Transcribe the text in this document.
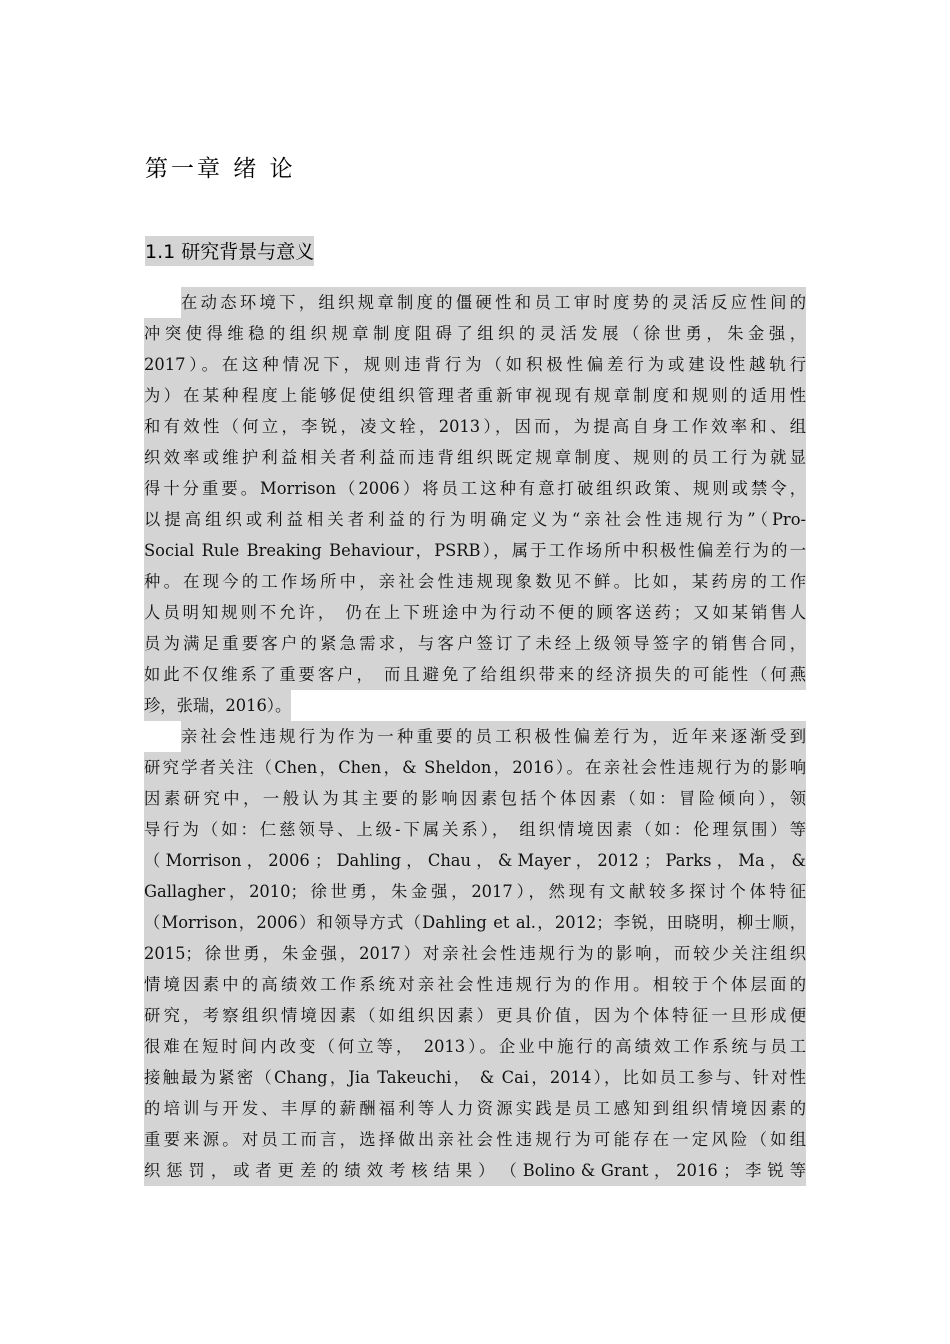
第一章 绪 论
1.1 研究背景与意义
在动态环境下，组织规章制度的僵硬性和员工审时度势的灵活反应性间的
冲突使得维稳的组织规章制度阻碍了组织的灵活发展（徐世勇，朱金强，
2017）。在这种情况下，规则违背行为（如积极性偏差行为或建设性越轨行
为）在某种程度上能够促使组织管理者重新审视现有规章制度和规则的适用性
和有效性（何立，李锐，凌文辁，2013），因而，为提高自身工作效率和、组
织效率或维护利益相关者利益而违背组织既定规章制度、规则的员工行为就显
得十分重要。Morrison（2006）将员工这种有意打破组织政策、规则或禁令，
以提高组织或利益相关者利益的行为明确定义为“亲社会性违规行为”（Pro-
Social Rule Breaking Behaviour，PSRB），属于工作场所中积极性偏差行为的一
种。在现今的工作场所中，亲社会性违规现象数见不鲜。比如，某药房的工作
人员明知规则不允许， 仍在上下班途中为行动不便的顾客送药；又如某销售人
员为满足重要客户的紧急需求，与客户签订了未经上级领导签字的销售合同，
如此不仅维系了重要客户， 而且避免了给组织带来的经济损失的可能性（何燕
珍，张瑞，2016）。
亲社会性违规行为作为一种重要的员工积极性偏差行为，近年来逐渐受到
研究学者关注（Chen，Chen，& Sheldon，2016）。在亲社会性违规行为的影响
因素研究中，一般认为其主要的影响因素包括个体因素（如：冒险倾向），领
导行为（如：仁慈领导、上级-下属关系）， 组织情境因素（如：伦理氛围）等
（ Morrison ， 2006 ； Dahling ， Chau ， & Mayer ， 2012 ； Parks ， Ma ， &
Gallagher，2010；徐世勇，朱金强，2017），然现有文献较多探讨个体特征
（Morrison，2006）和领导方式（Dahling et al.，2012；李锐，田晓明，柳士顺，
2015；徐世勇，朱金强，2017）对亲社会性违规行为的影响，而较少关注组织
情境因素中的高绩效工作系统对亲社会性违规行为的作用。相较于个体层面的
研究，考察组织情境因素（如组织因素）更具价值，因为个体特征一旦形成便
很难在短时间内改变（何立等， 2013）。企业中施行的高绩效工作系统与员工
接触最为紧密（Chang，Jia Takeuchi， & Cai，2014），比如员工参与、针对性
的培训与开发、丰厚的薪酬福利等人力资源实践是员工感知到组织情境因素的
重要来源。对员工而言，选择做出亲社会性违规行为可能存在一定风险（如组
织 惩 罚 ， 或 者 更 差 的 绩 效 考 核 结 果 ） （ Bolino & Grant ， 2016 ； 李 锐 等
